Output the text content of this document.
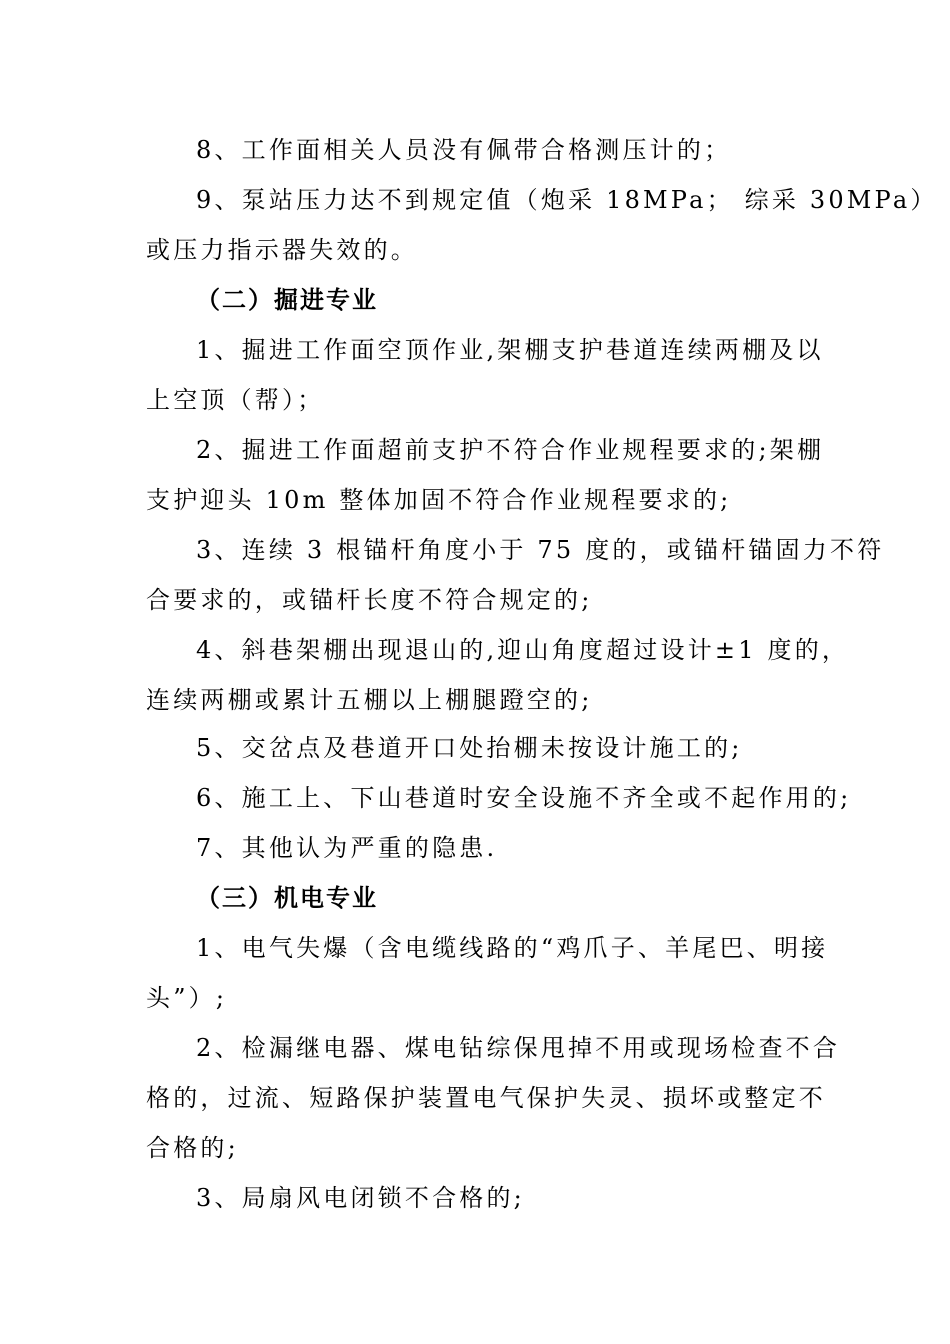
8、工作面相关人员没有佩带合格测压计的；
9、泵站压力达不到规定值（炮采 18MPa； 综采 30MPa）
或压力指示器失效的。
（二）掘进专业
1、掘进工作面空顶作业,架棚支护巷道连续两棚及以
上空顶（帮）；
2、掘进工作面超前支护不符合作业规程要求的;架棚
支护迎头 10m 整体加固不符合作业规程要求的;
3、连续 3 根锚杆角度小于 75 度的，或锚杆锚固力不符
合要求的，或锚杆长度不符合规定的;
4、斜巷架棚出现退山的,迎山角度超过设计±1 度的，
连续两棚或累计五棚以上棚腿蹬空的;
5、交岔点及巷道开口处抬棚未按设计施工的;
6、施工上、下山巷道时安全设施不齐全或不起作用的;
7、其他认为严重的隐患.
（三）机电专业
1、电气失爆（含电缆线路的“鸡爪子、羊尾巴、明接
头”）;
2、检漏继电器、煤电钻综保甩掉不用或现场检查不合
格的，过流、短路保护装置电气保护失灵、损坏或整定不
合格的;
3、局扇风电闭锁不合格的;
